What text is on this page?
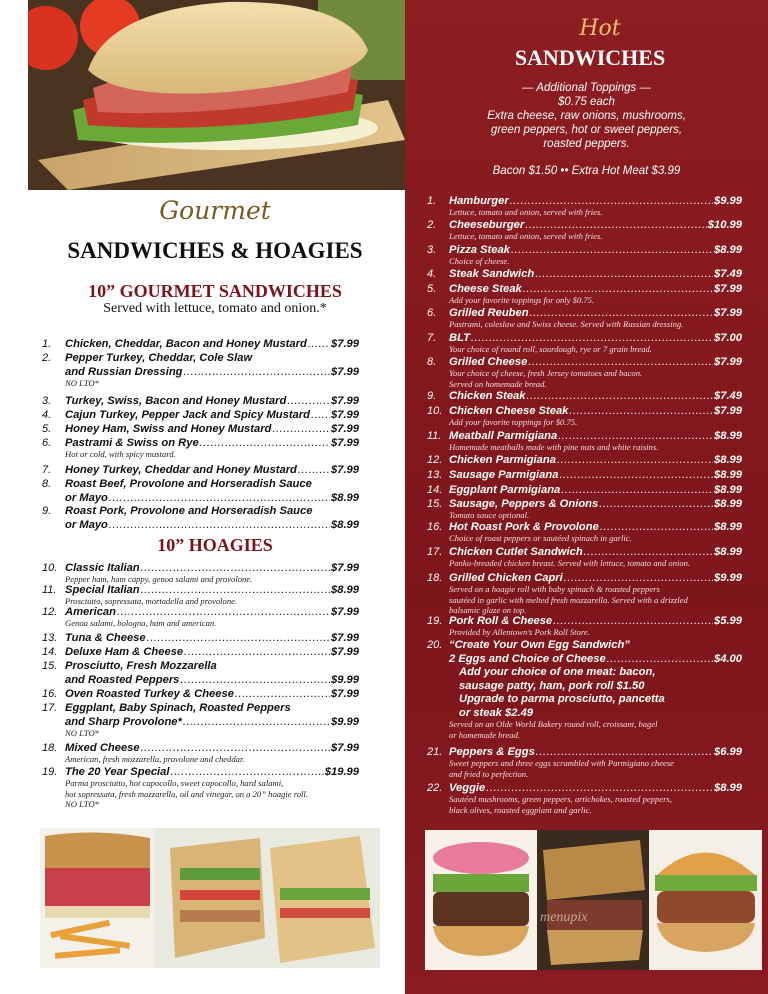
Gourmet
SANDWICHES & HOAGIES
10” GOURMET SANDWICHES
Served with lettuce, tomato and onion.*
10” HOAGIES
1. Chicken, Cheddar, Bacon and Honey Mustard ..... $7.99
2. Pepper Turkey, Cheddar, Cole Slaw
and Russian Dressing .....	$7.99
NO LTO*
3. Turkey, Swiss, Bacon and Honey Mustard .....	$7.99
4. Cajun Turkey, Pepper Jack and Spicy Mustard ..... $7.99
5. Honey Ham, Swiss and Honey Mustard .....	$7.99
6. Pastrami & Swiss on Rye .....	$7.99
Hot or cold, with spicy mustard.
7. Honey Turkey, Cheddar and Honey Mustard .....	$7.99
8. Roast Beef, Provolone and Horseradish Sauce
or Mayo .....	$8.99
9. Roast Pork, Provolone and Horseradish Sauce
or Mayo .....	$8.99
10. Classic Italian .....	$7.99
Pepper ham, ham cappy, genoa salami and provolone.
11. Special Italian .....	$8.99
Prosciutto, sopressata, mortadella and provolone.
12. American .....	$7.99
Genoa salami, bologna, ham and american.
13. Tuna & Cheese .....	$7.99
14. Deluxe Ham & Cheese .....	$7.99
15. Prosciutto, Fresh Mozzarella
and Roasted Peppers .....	$9.99
16. Oven Roasted Turkey & Cheese .....	$7.99
17. Eggplant, Baby Spinach, Roasted Peppers
and Sharp Provolone* .....	$9.99
NO LTO*
18. Mixed Cheese .....	$7.99
American, fresh mozzarella, provolone and cheddar.
19. The 20 Year Special .....	$19.99
Parma prosciutto, hot capocollo, sweet capocollo, hard salami,
hot sopressata, fresh mozzarella, oil and vinegar, on a 20” hoagie roll.
NO LTO*
Hot
SANDWICHES
— Additional Toppings —
$0.75 each
Extra cheese, raw onions, mushrooms,
green peppers, hot or sweet peppers,
roasted peppers.
Bacon $1.50 •• Extra Hot Meat $3.99
1. Hamburger .....	$9.99
Lettuce, tomato and onion, served with fries.
2. Cheeseburger .....	$10.99
Lettuce, tomato and onion, served with fries.
3. Pizza Steak .....	$8.99
Choice of cheese.
4. Steak Sandwich .....	$7.49
5. Cheese Steak .....	$7.99
Add your favorite toppings for only $0.75.
6. Grilled Reuben .....	$7.99
Pastrami, coleslaw and Swiss cheese. Served with Russian dressing.
7. BLT .....	$7.00
Your choice of round roll, sourdough, rye or 7 grain bread.
8. Grilled Cheese .....	$7.99
Your choice of cheese, fresh Jersey tomatoes and bacon.
Served on homemade bread.
9. Chicken Steak .....	$7.49
10. Chicken Cheese Steak .....	$7.99
Add your favorite toppings for $0.75.
11. Meatball Parmigiana .....	$8.99
Homemade meatballs made with pine nuts and white raisins.
12. Chicken Parmigiana .....	$8.99
13. Sausage Parmigiana .....	$8.99
14. Eggplant Parmigiana .....	$8.99
15. Sausage, Peppers & Onions .....	$8.99
Tomato sauce optional.
16. Hot Roast Pork & Provolone .....	$8.99
Choice of roast peppers or sautéed spinach in garlic.
17. Chicken Cutlet Sandwich .....	$8.99
Panko-breaded chicken breast. Served with lettuce, tomato and onion.
18. Grilled Chicken Capri .....	$9.99
Served on a hoagie roll with baby spinach & roasted peppers
sautéed in garlic with melted fresh mozzarella. Served with a drizzled
balsamic glaze on top.
19. Pork Roll & Cheese .....	$5.99
Provided by Allentown’s Pork Roll Store.
20. “Create Your Own Egg Sandwich”
2 Eggs and Choice of Cheese .....	$4.00
Add your choice of one meat: bacon,
sausage patty, ham, pork roll $1.50
Upgrade to parma prosciutto, pancetta
or steak $2.49
Served on an Olde World Bakery round roll, croissant, bagel
or homemade bread.
21. Peppers & Eggs .....	$6.99
Sweet peppers and three eggs scrambled with Parmigiano cheese
and fried to perfection.
22. Veggie .....	$8.99
Sautéed mushrooms, green peppers, artichokes, roasted peppers,
black olives, roasted eggplant and garlic.
menupix
